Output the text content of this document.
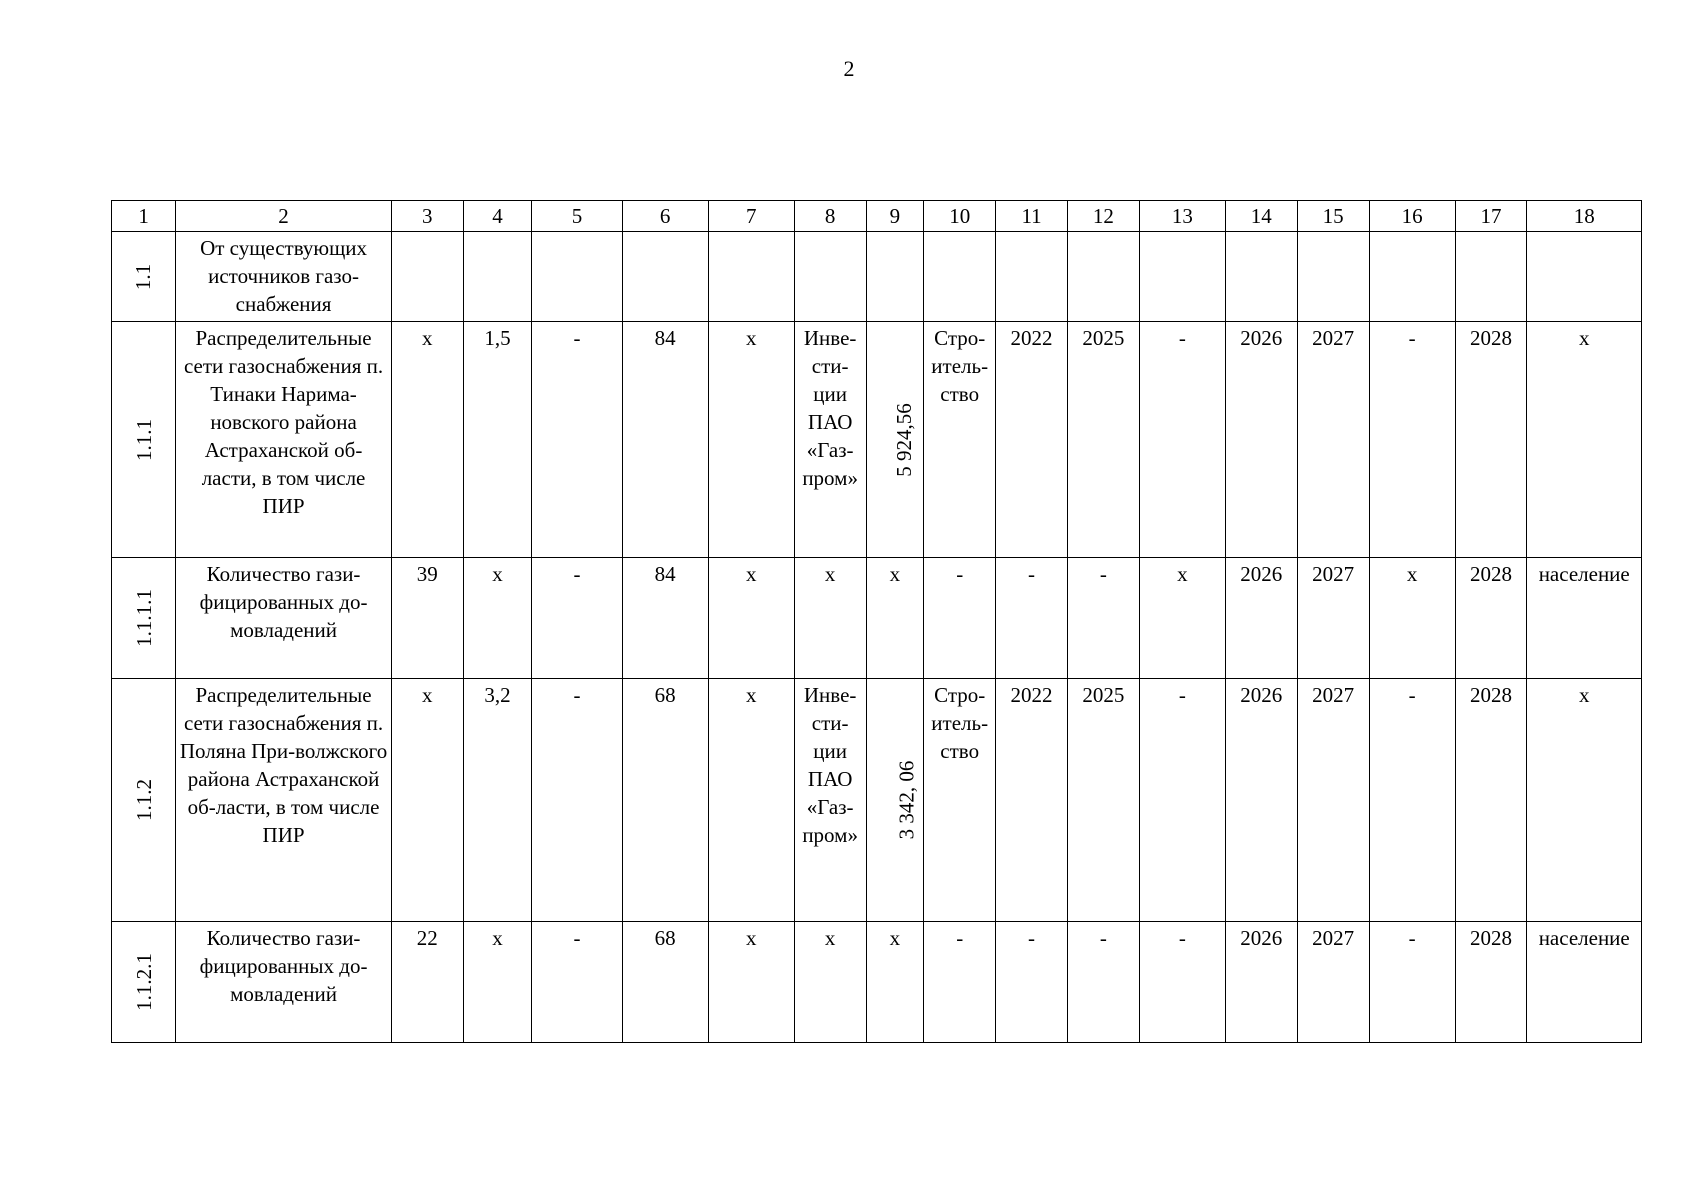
2
1	2	3	4	5	6	7	8	9	10	11	12	13	14	15	16	17	18
1.1	От существующих источников газо-снабжения																
1.1.1	Распределительные сети газоснабжения п. Тинаки Нарима-новского района Астраханской об-ласти, в том числе ПИР	х	1,5	-	84	х	Инве-сти-ции ПАО «Газ-пром»	5 924,56	Стро-итель-ство	2022	2025	-	2026	2027	-	2028	х
1.1.1.1	Количество гази-фицированных до-мовладений	39	х	-	84	х	х	х	-	-	-	х	2026	2027	х	2028	население
1.1.2	Распределительные сети газоснабжения п. Поляна При-волжского района Астраханской об-ласти, в том числе ПИР	х	3,2	-	68	х	Инве-сти-ции ПАО «Газ-пром»	3 342, 06	Стро-итель-ство	2022	2025	-	2026	2027	-	2028	х
1.1.2.1	Количество гази-фицированных до-мовладений	22	х	-	68	х	х	х	-	-	-	-	2026	2027	-	2028	население
